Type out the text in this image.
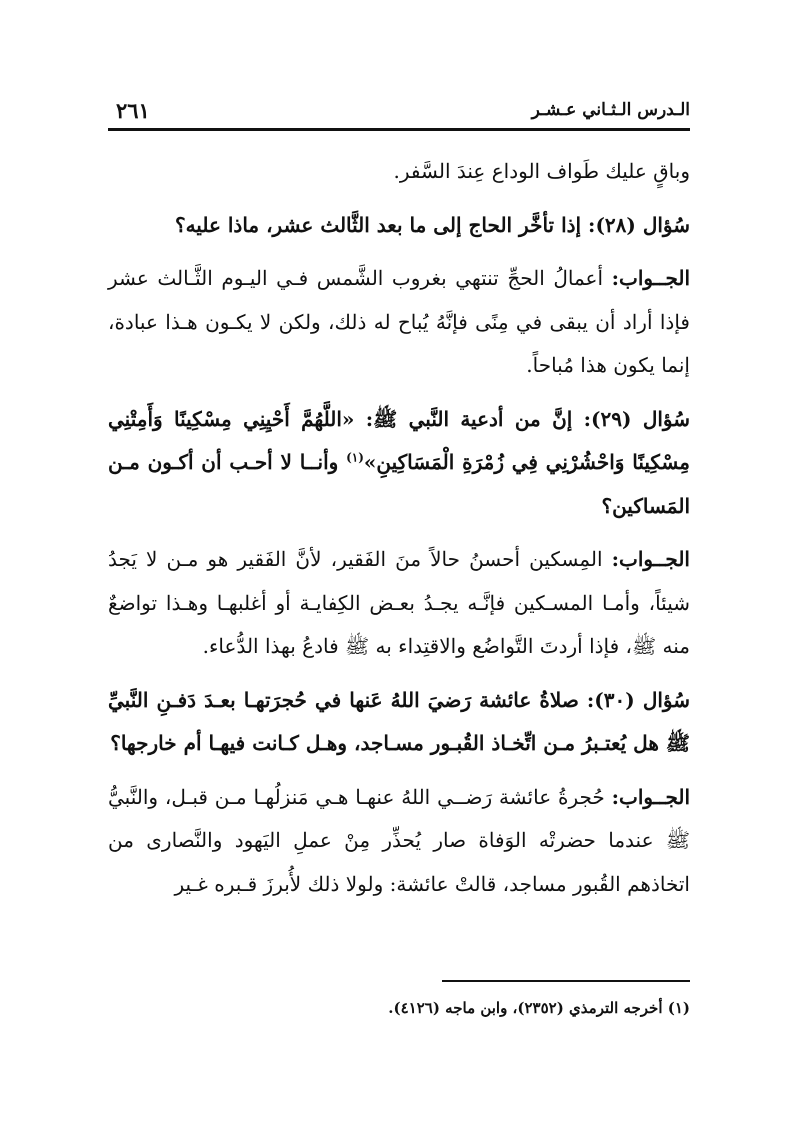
٢٦١	الـدرس الـثـاني عـشـر

وباقٍ عليك طَواف الوداع عِندَ السَّفر.

سُؤال (٢٨): إذا تأخَّر الحاج إلى ما بعد الثَّالث عشر، ماذا عليه؟

الجــواب: أعمالُ الحجِّ تنتهي بغروب الشَّمس فـي اليـوم الثَّـالث عشر فإذا أراد أن يبقى في مِنًى فإنَّهُ يُباح له ذلك، ولكن لا يكـون هـذا عبادة، إنما يكون هذا مُباحاً.

سُؤال (٢٩): إنَّ من أدعية النَّبي ﷺ: «اللَّهُمَّ أَحْيِنِي مِسْكِينًا وَأَمِتْنِي مِسْكِينًا وَاحْشُرْنِي فِي زُمْرَةِ الْمَسَاكِينِ»$^{(١)}$ وأنــا لا أحـب أن أكـون مـن المَساكين؟

الجــواب: المِسكين أحسنُ حالاً منَ الفَقير، لأنَّ الفَقير هو مـن لا يَجدُ شيئاً، وأمـا المسـكين فإنَّـه يجـدُ بعـض الكِفايـة أو أغلبهـا وهـذا تواضعٌ منه ﷺ، فإذا أردتَ التَّواضُع والاقتِداء به ﷺ فادعُ بهذا الدُّعاء.

سُؤال (٣٠): صلاةُ عائشة رَضيَ اللهُ عَنها في حُجرَتهـا بعـدَ دَفـنِ النَّبيِّ ﷺ هل يُعتـبرُ مـن اتِّخـاذ القُبـور مسـاجد، وهـل كـانت فيهـا أم خارجها؟

الجــواب: حُجرةُ عائشة رَضــي اللهُ عنهـا هـي مَنزلُهـا مـن قبـل، والنَّبيُّ ﷺ عندما حضرتْه الوَفاة صار يُحذِّر مِنْ عملِ اليَهود والنَّصارى من اتخاذهم القُبور مساجد، قالتْ عائشة: ولولا ذلك لأُبرزَ قـبره غـير

(١) أخرجه الترمذي (٢٣٥٢)، وابن ماجه (٤١٢٦).
